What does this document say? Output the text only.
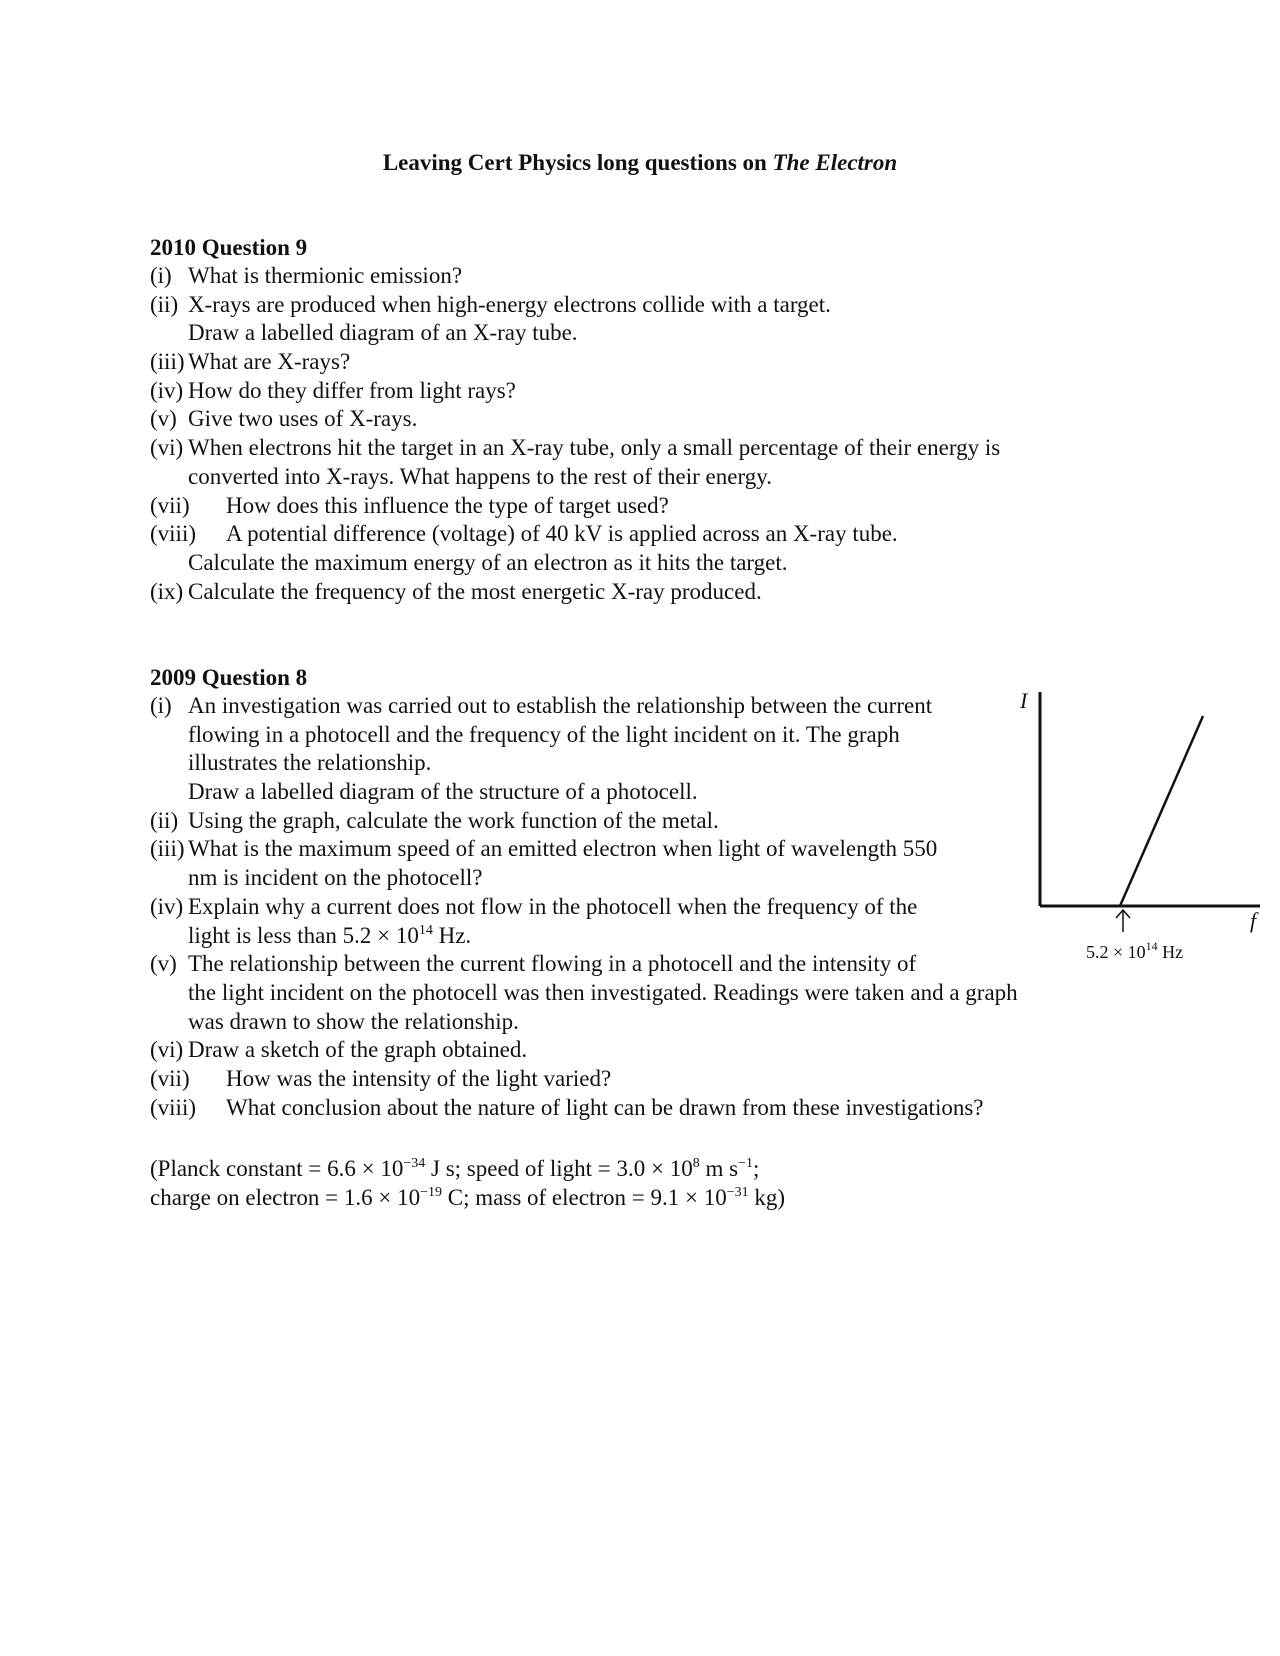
Leaving Cert Physics long questions on The Electron
2010 Question 9
(i) What is thermionic emission?
(ii) X-rays are produced when high-energy electrons collide with a target.
Draw a labelled diagram of an X-ray tube.
(iii) What are X-rays?
(iv) How do they differ from light rays?
(v) Give two uses of X-rays.
(vi) When electrons hit the target in an X-ray tube, only a small percentage of their energy is
converted into X-rays. What happens to the rest of their energy.
(vii) How does this influence the type of target used?
(viii) A potential difference (voltage) of 40 kV is applied across an X-ray tube.
Calculate the maximum energy of an electron as it hits the target.
(ix) Calculate the frequency of the most energetic X-ray produced.
2009 Question 8
(i) An investigation was carried out to establish the relationship between the current
flowing in a photocell and the frequency of the light incident on it. The graph
illustrates the relationship.
Draw a labelled diagram of the structure of a photocell.
(ii) Using the graph, calculate the work function of the metal.
(iii) What is the maximum speed of an emitted electron when light of wavelength 550
nm is incident on the photocell?
(iv) Explain why a current does not flow in the photocell when the frequency of the
light is less than $5.2 \times 10^{14}$ Hz.
(v) The relationship between the current flowing in a photocell and the intensity of
the light incident on the photocell was then investigated. Readings were taken and a graph
was drawn to show the relationship.
(vi) Draw a sketch of the graph obtained.
(vii) How was the intensity of the light varied?
(viii) What conclusion about the nature of light can be drawn from these investigations?
I
f
$5.2 \times 10^{14}$ Hz
(Planck constant = $6.6 \times 10^{-34}$ J s; speed of light = $3.0 \times 10^8$ m $s^{-1}$;
charge on electron = $1.6 \times 10^{-19}$ C; mass of electron = $9.1 \times 10^{-31}$ kg)
